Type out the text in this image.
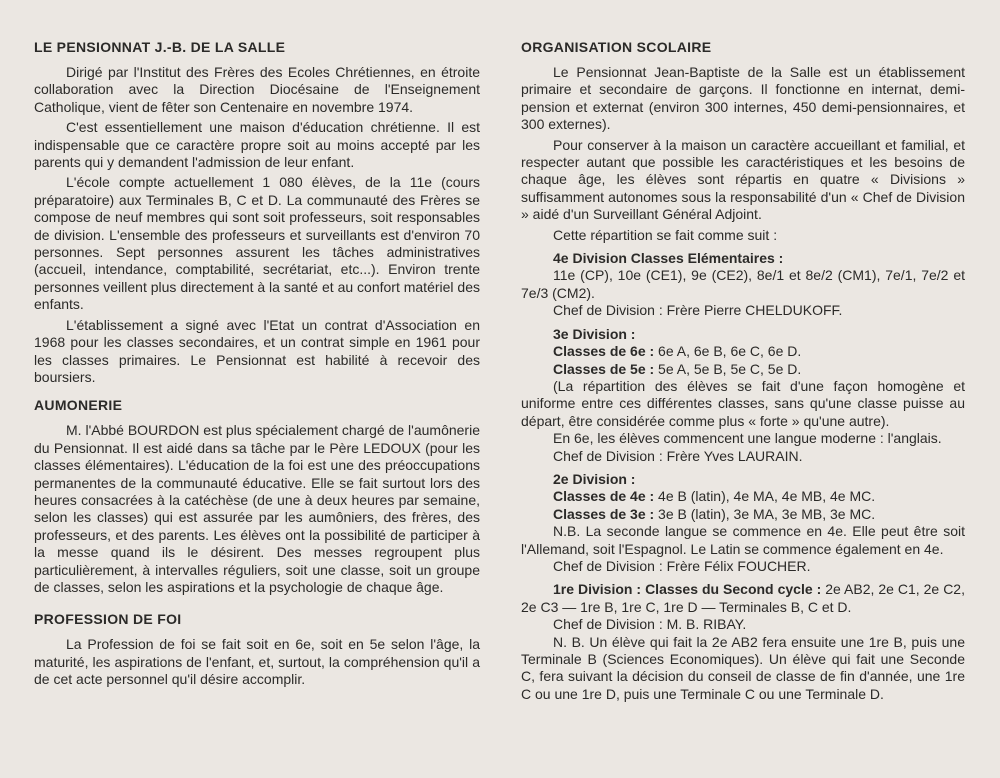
LE PENSIONNAT J.-B. DE LA SALLE

Dirigé par l'Institut des Frères des Ecoles Chrétiennes, en étroite collaboration avec la Direction Diocésaine de l'Enseignement Catholique, vient de fêter son Centenaire en novembre 1974.

C'est essentiellement une maison d'éducation chrétienne. Il est indispensable que ce caractère propre soit au moins accepté par les parents qui y demandent l'admission de leur enfant.

L'école compte actuellement 1 080 élèves, de la 11e (cours préparatoire) aux Terminales B, C et D. La communauté des Frères se compose de neuf membres qui sont soit professeurs, soit responsables de division. L'ensemble des professeurs et surveillants est d'environ 70 personnes. Sept personnes assurent les tâches administratives (accueil, intendance, comptabilité, secrétariat, etc...). Environ trente personnes veillent plus directement à la santé et au confort matériel des enfants.

L'établissement a signé avec l'Etat un contrat d'Association en 1968 pour les classes secondaires, et un contrat simple en 1961 pour les classes primaires. Le Pensionnat est habilité à recevoir des boursiers.

AUMONERIE

M. l'Abbé BOURDON est plus spécialement chargé de l'aumônerie du Pensionnat. Il est aidé dans sa tâche par le Père LEDOUX (pour les classes élémentaires). L'éducation de la foi est une des préoccupations permanentes de la communauté éducative. Elle se fait surtout lors des heures consacrées à la catéchèse (de une à deux heures par semaine, selon les classes) qui est assurée par les aumôniers, des frères, des professeurs, et des parents. Les élèves ont la possibilité de participer à la messe quand ils le désirent. Des messes regroupent plus particulièrement, à intervalles réguliers, soit une classe, soit un groupe de classes, selon les aspirations et la psychologie de chaque âge.

PROFESSION DE FOI

La Profession de foi se fait soit en 6e, soit en 5e selon l'âge, la maturité, les aspirations de l'enfant, et, surtout, la compréhension qu'il a de cet acte personnel qu'il désire accomplir.

ORGANISATION SCOLAIRE

Le Pensionnat Jean-Baptiste de la Salle est un établissement primaire et secondaire de garçons. Il fonctionne en internat, demi-pension et externat (environ 300 internes, 450 demi-pensionnaires, et 300 externes).

Pour conserver à la maison un caractère accueillant et familial, et respecter autant que possible les caractéristiques et les besoins de chaque âge, les élèves sont répartis en quatre « Divisions » suffisamment autonomes sous la responsabilité d'un « Chef de Division » aidé d'un Surveillant Général Adjoint.

Cette répartition se fait comme suit :

4e Division Classes Elémentaires :

11e (CP), 10e (CE1), 9e (CE2), 8e/1 et 8e/2 (CM1), 7e/1, 7e/2 et 7e/3 (CM2).

Chef de Division : Frère Pierre CHELDUKOFF.

3e Division :

Classes de 6e : 6e A, 6e B, 6e C, 6e D.

Classes de 5e : 5e A, 5e B, 5e C, 5e D.

(La répartition des élèves se fait d'une façon homogène et uniforme entre ces différentes classes, sans qu'une classe puisse au départ, être considérée comme plus « forte » qu'une autre).

En 6e, les élèves commencent une langue moderne : l'anglais.

Chef de Division : Frère Yves LAURAIN.

2e Division :

Classes de 4e : 4e B (latin), 4e MA, 4e MB, 4e MC.

Classes de 3e : 3e B (latin), 3e MA, 3e MB, 3e MC.

N.B. La seconde langue se commence en 4e. Elle peut être soit l'Allemand, soit l'Espagnol. Le Latin se commence également en 4e.

Chef de Division : Frère Félix FOUCHER.

1re Division : Classes du Second cycle : 2e AB2, 2e C1, 2e C2, 2e C3 — 1re B, 1re C, 1re D — Terminales B, C et D.

Chef de Division : M. B. RIBAY.

N. B. Un élève qui fait la 2e AB2 fera ensuite une 1re B, puis une Terminale B (Sciences Economiques). Un élève qui fait une Seconde C, fera suivant la décision du conseil de classe de fin d'année, une 1re C ou une 1re D, puis une Terminale C ou une Terminale D.
